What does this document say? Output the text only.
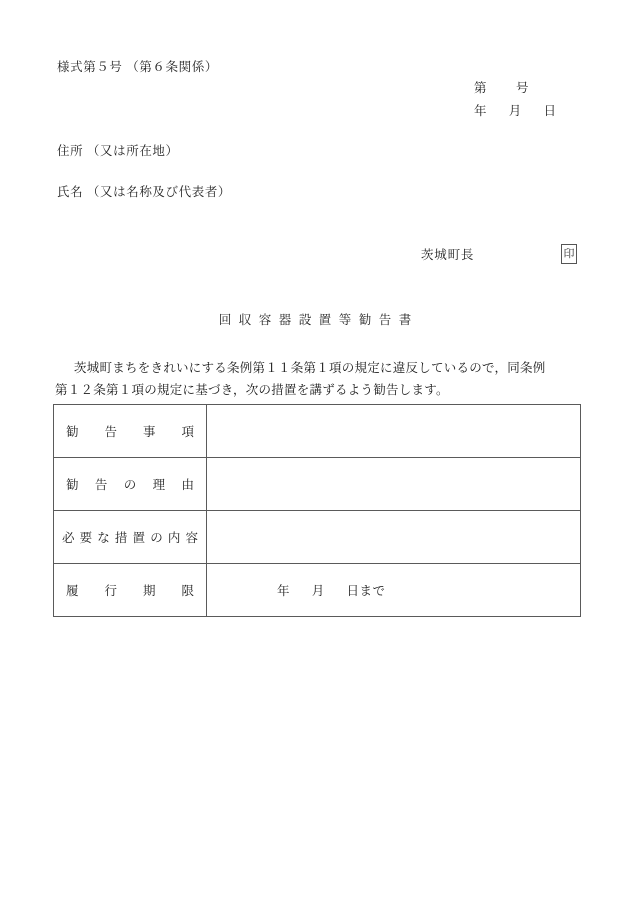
様式第５号 （第６条関係）
第        号
年      月      日
住所 （又は所在地）
氏名 （又は名称及び代表者）
茨城町長	印
回収容器設置等勧告書
茨城町まちをきれいにする条例第１１条第１項の規定に違反しているので，同条例
第１２条第１項の規定に基づき，次の措置を講ずるよう勧告します。
勧告事項	

勧告の理由	

必要な措置の内容	

履行期限	年      月      日まで
